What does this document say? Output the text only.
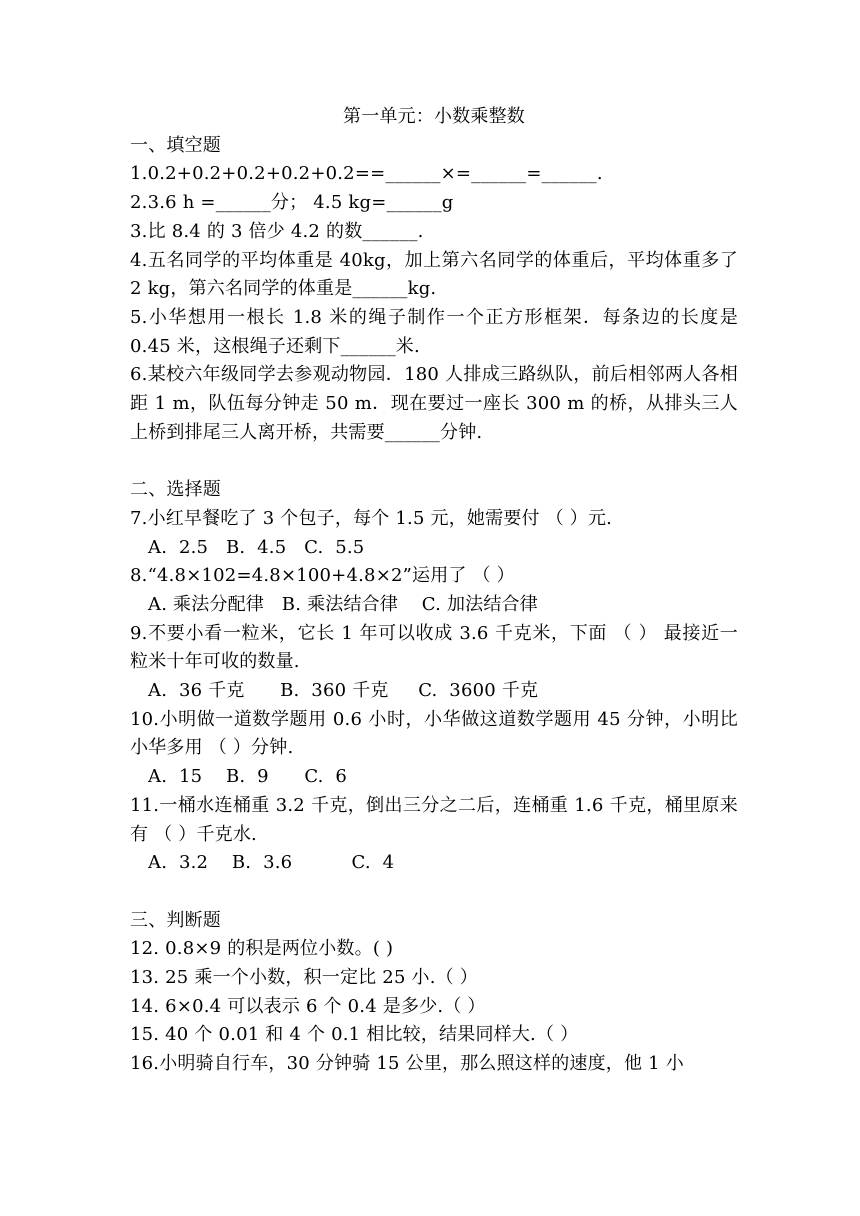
第一单元：小数乘整数
一、填空题
1.0.2+0.2+0.2+0.2+0.2==______×=______=______.
2.3.6 h =______分； 4.5 kg=______g
3.比 8.4 的 3 倍少 4.2 的数______.
4.五名同学的平均体重是 40kg，加上第六名同学的体重后，平均体重多了 2 kg，第六名同学的体重是______kg.
5.小华想用一根长 1.8 米的绳子制作一个正方形框架．每条边的长度是 0.45 米，这根绳子还剩下______米.
6.某校六年级同学去参观动物园．180 人排成三路纵队，前后相邻两人各相距 1 m，队伍每分钟走 50 m．现在要过一座长 300 m 的桥，从排头三人上桥到排尾三人离开桥，共需要______分钟.
二、选择题
7.小红早餐吃了 3 个包子，每个 1.5 元，她需要付 （ ）元.
A.  2.5   B.  4.5   C.  5.5
8.“4.8×102=4.8×100+4.8×2”运用了 （ ）
A. 乘法分配律   B. 乘法结合律    C. 加法结合律
9.不要小看一粒米，它长 1 年可以收成 3.6 千克米，下面 （ ） 最接近一粒米十年可收的数量.
A.  36 千克      B.  360 千克     C.  3600 千克
10.小明做一道数学题用 0.6 小时，小华做这道数学题用 45 分钟，小明比小华多用 （ ）分钟.
A.  15    B.  9      C.  6
11.一桶水连桶重 3.2 千克，倒出三分之二后，连桶重 1.6 千克，桶里原来有 （ ）千克水.
A.  3.2    B.  3.6          C.  4
三、判断题
12. 0.8×9 的积是两位小数。( )
13. 25 乘一个小数，积一定比 25 小.（ ）
14. 6×0.4 可以表示 6 个 0.4 是多少.（ ）
15. 40 个 0.01 和 4 个 0.1 相比较，结果同样大.（ ）
16.小明骑自行车，30 分钟骑 15 公里，那么照这样的速度，他 1 小
